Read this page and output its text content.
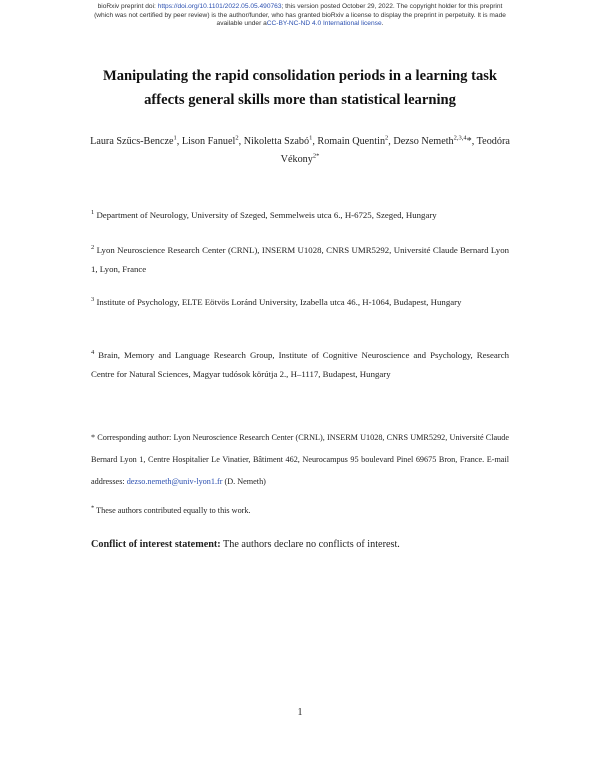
bioRxiv preprint doi: https://doi.org/10.1101/2022.05.05.490763; this version posted October 29, 2022. The copyright holder for this preprint
(which was not certified by peer review) is the author/funder, who has granted bioRxiv a license to display the preprint in perpetuity. It is made
available under aCC-BY-NC-ND 4.0 International license.
Manipulating the rapid consolidation periods in a learning task
affects general skills more than statistical learning
Laura Szücs-Bencze$^1$, Lison Fanuel$^2$, Nikoletta Szabó$^1$, Romain Quentin$^2$, Dezso Nemeth$^{2,3,4}$*, Teodóra Vékony$^{2*}$
$^1$ Department of Neurology, University of Szeged, Semmelweis utca 6., H-6725, Szeged, Hungary
$^2$ Lyon Neuroscience Research Center (CRNL), INSERM U1028, CNRS UMR5292, Université Claude Bernard Lyon 1, Lyon, France
$^3$ Institute of Psychology, ELTE Eötvös Loránd University, Izabella utca 46., H-1064, Budapest, Hungary
$^4$ Brain, Memory and Language Research Group, Institute of Cognitive Neuroscience and Psychology, Research Centre for Natural Sciences, Magyar tudósok körútja 2., H–1117, Budapest, Hungary
* Corresponding author: Lyon Neuroscience Research Center (CRNL), INSERM U1028, CNRS UMR5292, Université Claude Bernard Lyon 1, Centre Hospitalier Le Vinatier, Bâtiment 462, Neurocampus 95 boulevard Pinel 69675 Bron, France. E-mail addresses: dezso.nemeth@univ-lyon1.fr (D. Nemeth)
* These authors contributed equally to this work.
Conflict of interest statement: The authors declare no conflicts of interest.
1
